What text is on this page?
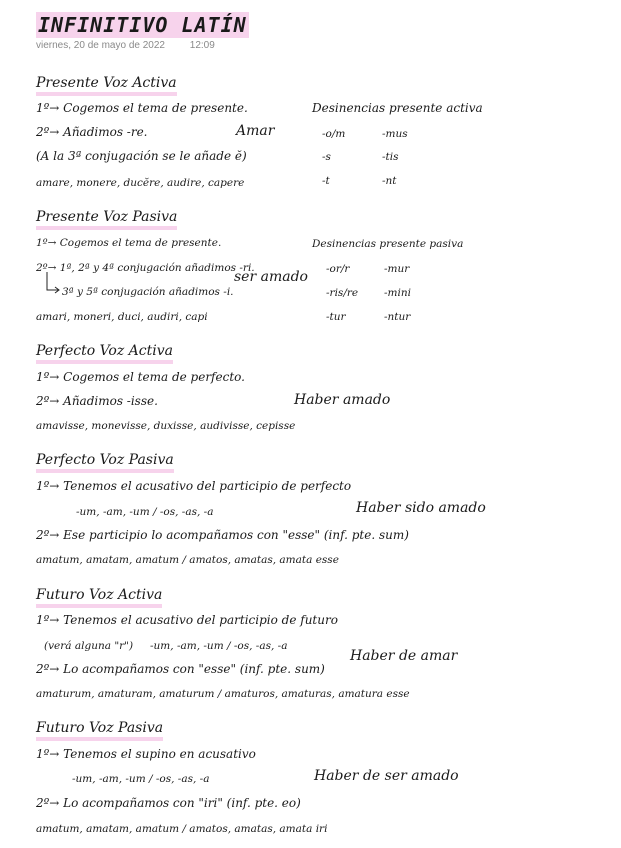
INFINITIVO LATÍN
viernes, 20 de mayo de 2022 12:09
Presente Voz Activa
1º→ Cogemos el tema de presente.
2º→ Añadimos -re.
(A la 3ª conjugación se le añade ĕ)
amare, monere, ducĕre, audire, capere
Amar
Desinencias presente activa
-o/m	-mus
-s	-tis
-t	-nt
Presente Voz Pasiva
1º→ Cogemos el tema de presente.
2º→ 1ª, 2ª y 4ª conjugación añadimos -ri.
3ª y 5ª conjugación añadimos -i.
amari, moneri, duci, audiri, capi
ser amado
Desinencias presente pasiva
-or/r	-mur
-ris/re -mini
-tur	-ntur
Perfecto Voz Activa
1º→ Cogemos el tema de perfecto.
2º→ Añadimos -isse.
amavisse, monevisse, duxisse, audivisse, cepisse
Haber amado
Perfecto Voz Pasiva
1º→ Tenemos el acusativo del participio de perfecto
-um, -am, -um / -os, -as, -a
2º→ Ese participio lo acompañamos con "esse" (inf. pte. sum)
amatum, amatam, amatum / amatos, amatas, amata esse
Haber sido amado
Futuro Voz Activa
1º→ Tenemos el acusativo del participio de futuro
(verá alguna "r") -um, -am, -um / -os, -as, -a
2º→ Lo acompañamos con "esse" (inf. pte. sum)
amaturum, amaturam, amaturum / amaturos, amaturas, amatura esse
Haber de amar
Futuro Voz Pasiva
1º→ Tenemos el supino en acusativo
-um, -am, -um / -os, -as, -a
2º→ Lo acompañamos con "iri" (inf. pte. eo)
amatum, amatam, amatum / amatos, amatas, amata iri
Haber de ser amado
